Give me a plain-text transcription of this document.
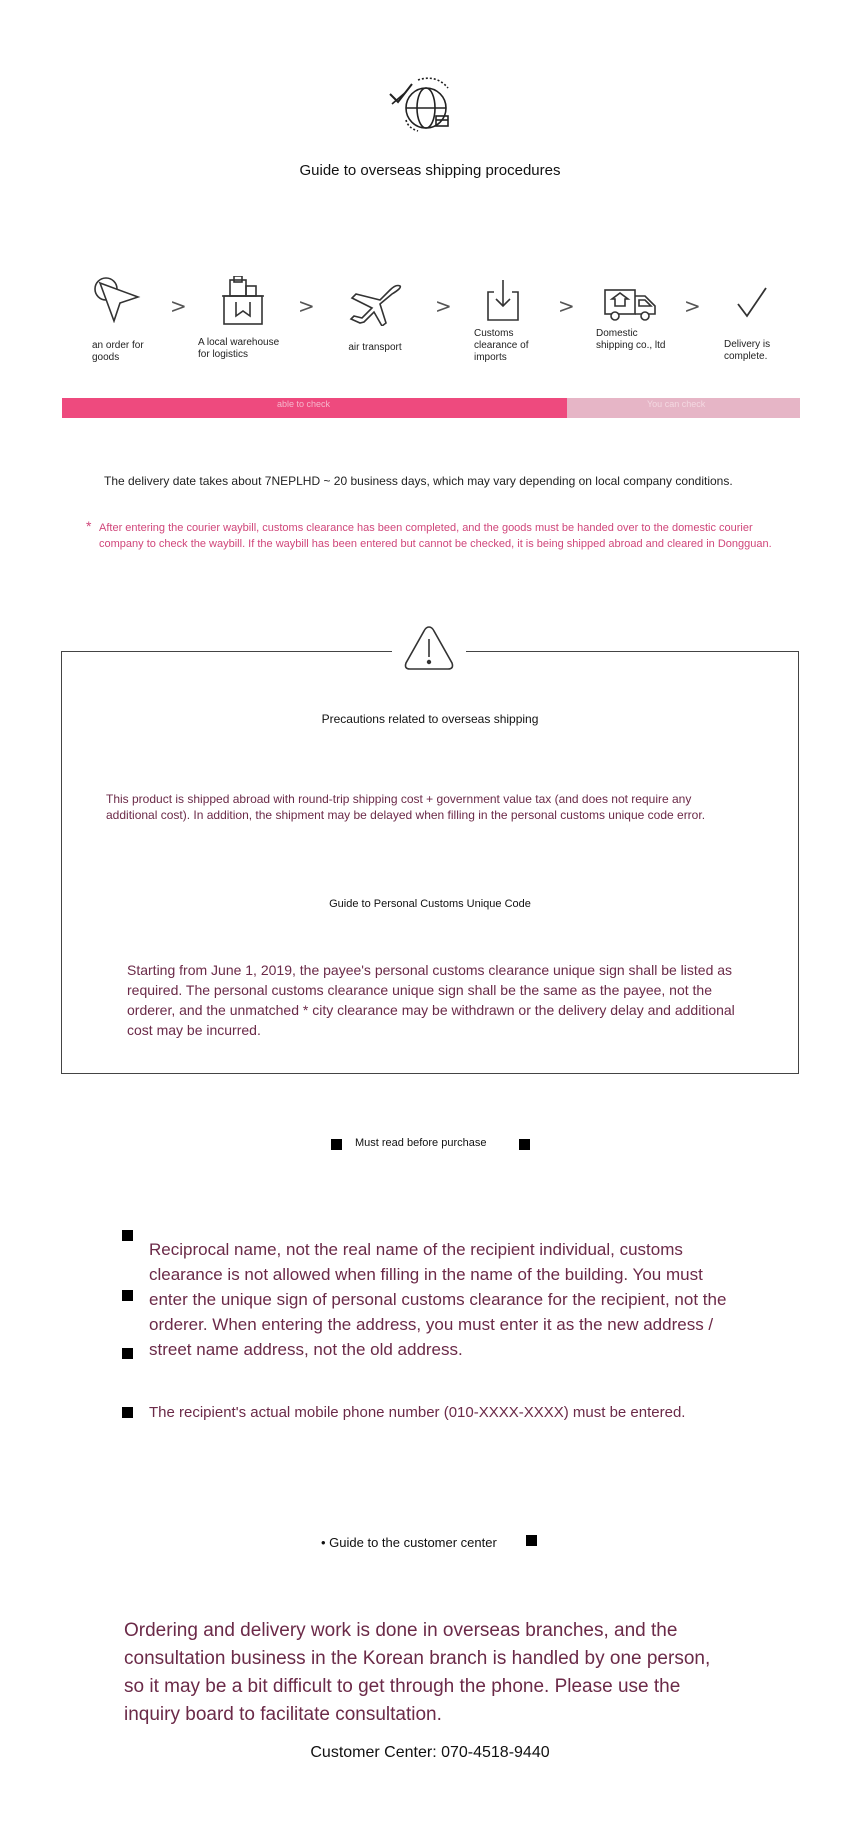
Guide to overseas shipping procedures
an order for goods
>
A local warehouse for logistics
>
air transport
>
Customs clearance of imports
>
Domestic shipping co., ltd
>
Delivery is complete.
able to check	You can check
The delivery date takes about 7NEPLHD ~ 20 business days, which may vary depending on local company conditions.
* After entering the courier waybill, customs clearance has been completed, and the goods must be handed over to the domestic courier company to check the waybill. If the waybill has been entered but cannot be checked, it is being shipped abroad and cleared in Dongguan.
Precautions related to overseas shipping
This product is shipped abroad with round-trip shipping cost + government value tax (and does not require any additional cost). In addition, the shipment may be delayed when filling in the personal customs unique code error.
Guide to Personal Customs Unique Code
Starting from June 1, 2019, the payee's personal customs clearance unique sign shall be listed as required. The personal customs clearance unique sign shall be the same as the payee, not the orderer, and the unmatched * city clearance may be withdrawn or the delivery delay and additional cost may be incurred.
Must read before purchase
Reciprocal name, not the real name of the recipient individual, customs clearance is not allowed when filling in the name of the building. You must enter the unique sign of personal customs clearance for the recipient, not the orderer. When entering the address, you must enter it as the new address / street name address, not the old address.
The recipient's actual mobile phone number (010-XXXX-XXXX) must be entered.
• Guide to the customer center
Ordering and delivery work is done in overseas branches, and the consultation business in the Korean branch is handled by one person, so it may be a bit difficult to get through the phone. Please use the inquiry board to facilitate consultation.
Customer Center: 070-4518-9440
